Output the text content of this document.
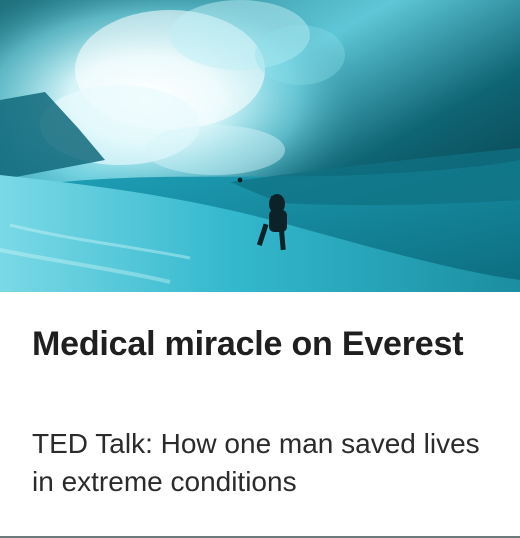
Medical miracle on Everest

TED Talk: How one man saved lives in extreme conditions
